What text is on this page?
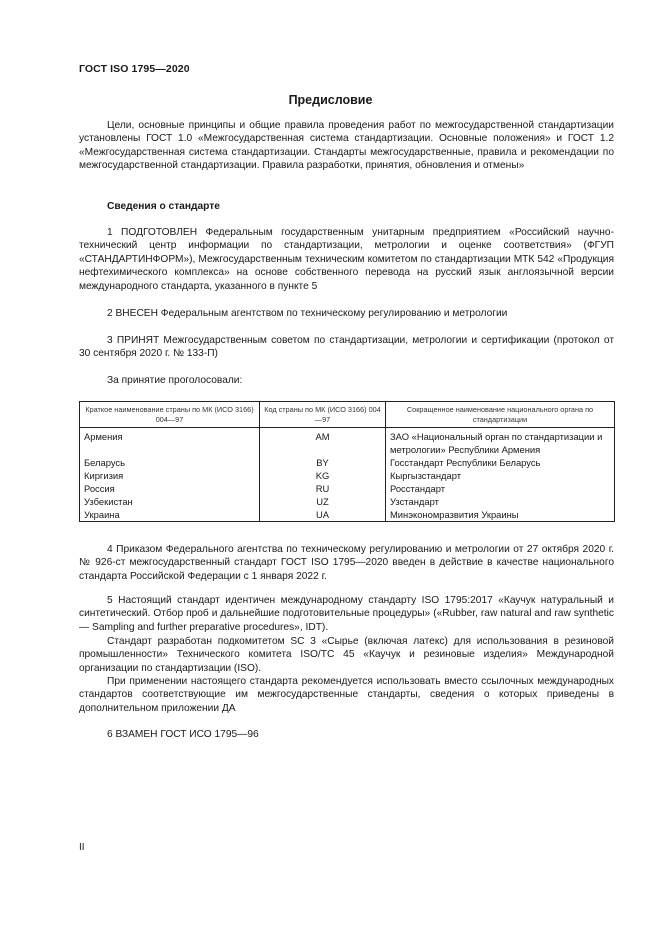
ГОСТ ISO 1795—2020
Предисловие

Цели, основные принципы и общие правила проведения работ по межгосударственной стандартизации установлены ГОСТ 1.0 «Межгосударственная система стандартизации. Основные положения» и ГОСТ 1.2 «Межгосударственная система стандартизации. Стандарты межгосударственные, правила и рекомендации по межгосударственной стандартизации. Правила разработки, принятия, обновления и отмены»

Сведения о стандарте

1 ПОДГОТОВЛЕН Федеральным государственным унитарным предприятием «Российский научно-технический центр информации по стандартизации, метрологии и оценке соответствия» (ФГУП «СТАНДАРТИНФОРМ»), Межгосударственным техническим комитетом по стандартизации МТК 542 «Продукция нефтехимического комплекса» на основе собственного перевода на русский язык англоязычной версии международного стандарта, указанного в пункте 5

2 ВНЕСЕН Федеральным агентством по техническому регулированию и метрологии

3 ПРИНЯТ Межгосударственным советом по стандартизации, метрологии и сертификации (протокол от 30 сентября 2020 г. № 133-П)

За принятие проголосовали:
Краткое наименование страны по МК (ИСО 3166) 004—97	Код страны по МК (ИСО 3166) 004—97	Сокращенное наименование национального органа по стандартизации
Армения	AM	ЗАО «Национальный орган по стандартизации и метрологии» Республики Армения
Беларусь	BY	Госстандарт Республики Беларусь
Киргизия	KG	Кыргызстандарт
Россия	RU	Росстандарт
Узбекистан	UZ	Узстандарт
Украина	UA	Минэкономразвития Украины

4 Приказом Федерального агентства по техническому регулированию и метрологии от 27 октября 2020 г. № 926-ст межгосударственный стандарт ГОСТ ISO 1795—2020 введен в действие в качестве национального стандарта Российской Федерации с 1 января 2022 г.

5 Настоящий стандарт идентичен международному стандарту ISO 1795:2017 «Каучук натуральный и синтетический. Отбор проб и дальнейшие подготовительные процедуры» («Rubber, raw natural and raw synthetic — Sampling and further preparative procedures», IDT).

Стандарт разработан подкомитетом SC 3 «Сырье (включая латекс) для использования в резиновой промышленности» Технического комитета ISO/TC 45 «Каучук и резиновые изделия» Международной организации по стандартизации (ISO).

При применении настоящего стандарта рекомендуется использовать вместо ссылочных международных стандартов соответствующие им межгосударственные стандарты, сведения о которых приведены в дополнительном приложении ДА

6 ВЗАМЕН ГОСТ ИСО 1795—96

II
